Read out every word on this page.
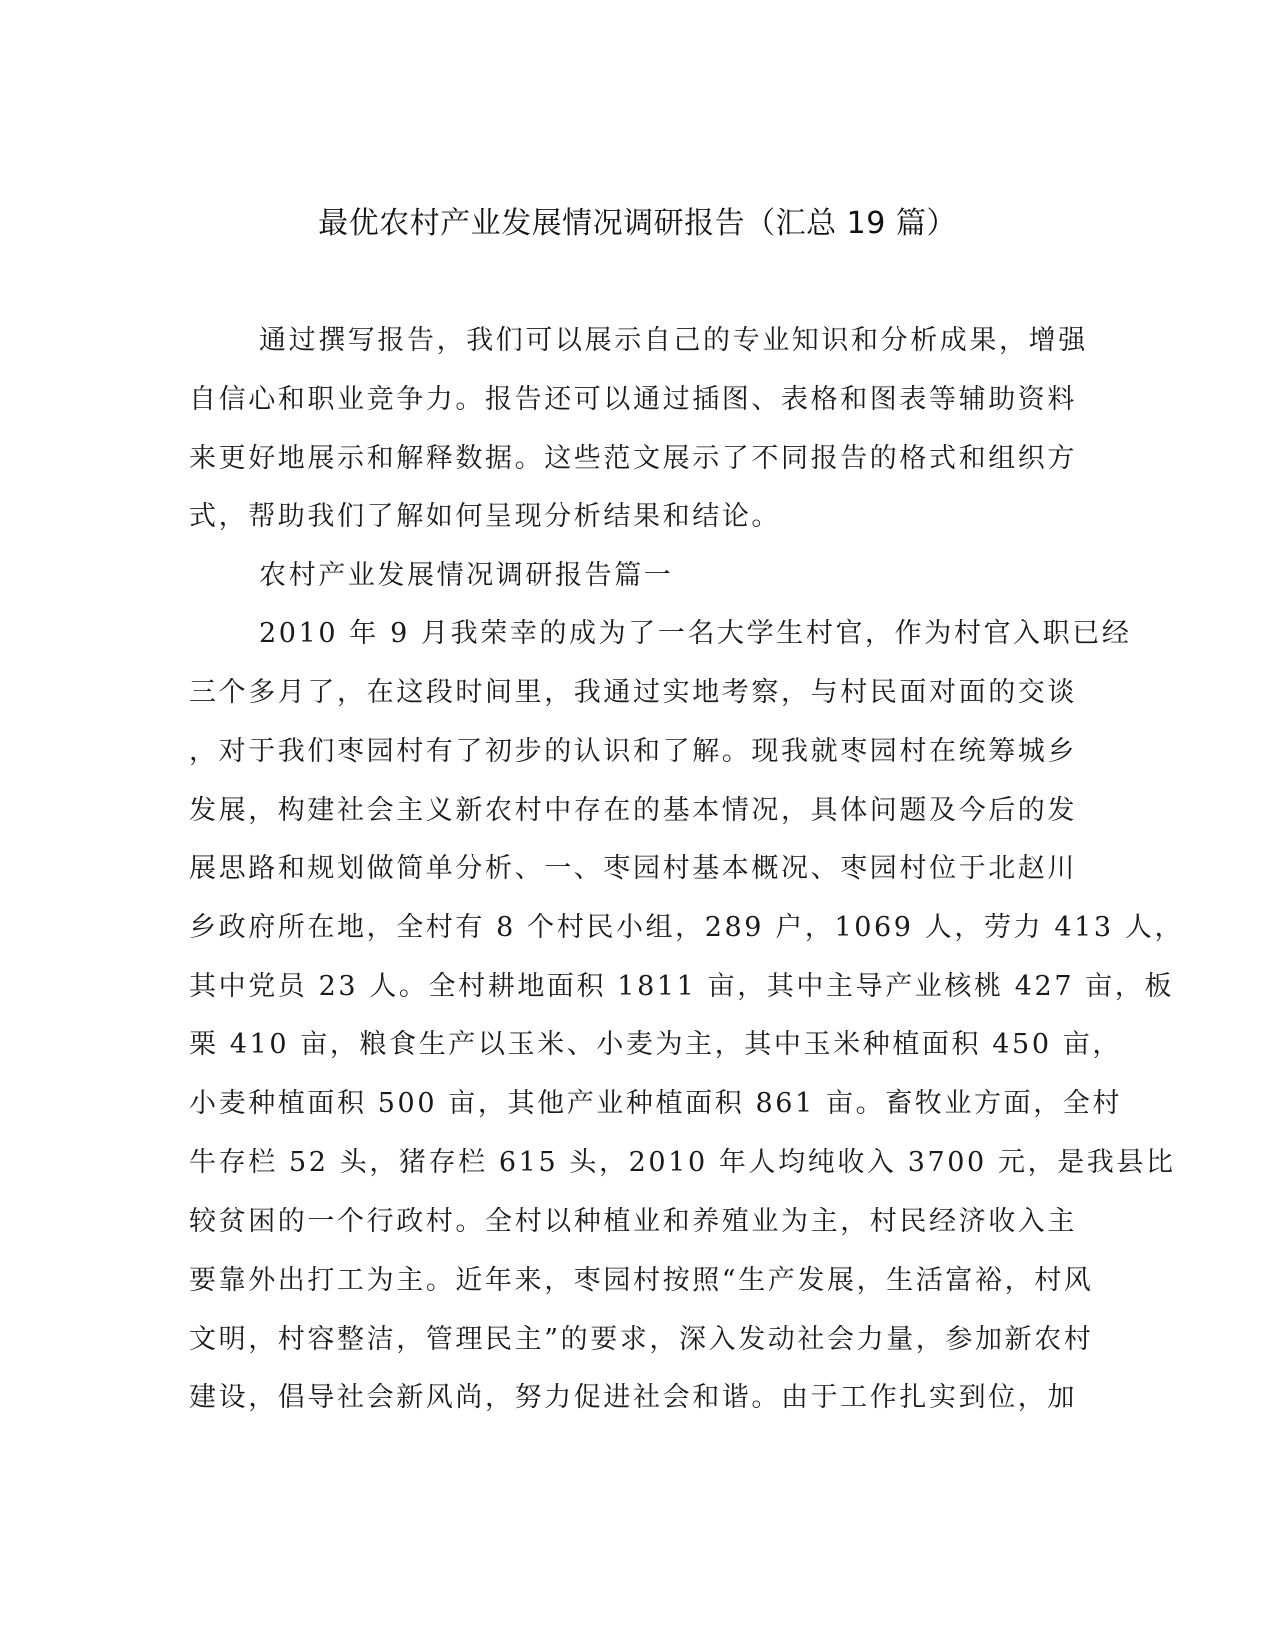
最优农村产业发展情况调研报告（汇总 19 篇）

通过撰写报告，我们可以展示自己的专业知识和分析成果，增强

自信心和职业竞争力。报告还可以通过插图、表格和图表等辅助资料

来更好地展示和解释数据。这些范文展示了不同报告的格式和组织方

式，帮助我们了解如何呈现分析结果和结论。

农村产业发展情况调研报告篇一

2010 年 9 月我荣幸的成为了一名大学生村官，作为村官入职已经

三个多月了，在这段时间里，我通过实地考察，与村民面对面的交谈

，对于我们枣园村有了初步的认识和了解。现我就枣园村在统筹城乡

发展，构建社会主义新农村中存在的基本情况，具体问题及今后的发

展思路和规划做简单分析、一、枣园村基本概况、枣园村位于北赵川

乡政府所在地，全村有 8 个村民小组，289 户，1069 人，劳力 413 人，

其中党员 23 人。全村耕地面积 1811 亩，其中主导产业核桃 427 亩，板

栗 410 亩，粮食生产以玉米、小麦为主，其中玉米种植面积 450 亩，

小麦种植面积 500 亩，其他产业种植面积 861 亩。畜牧业方面，全村

牛存栏 52 头，猪存栏 615 头，2010 年人均纯收入 3700 元，是我县比

较贫困的一个行政村。全村以种植业和养殖业为主，村民经济收入主

要靠外出打工为主。近年来，枣园村按照“生产发展，生活富裕，村风

文明，村容整洁，管理民主”的要求，深入发动社会力量，参加新农村

建设，倡导社会新风尚，努力促进社会和谐。由于工作扎实到位，加
